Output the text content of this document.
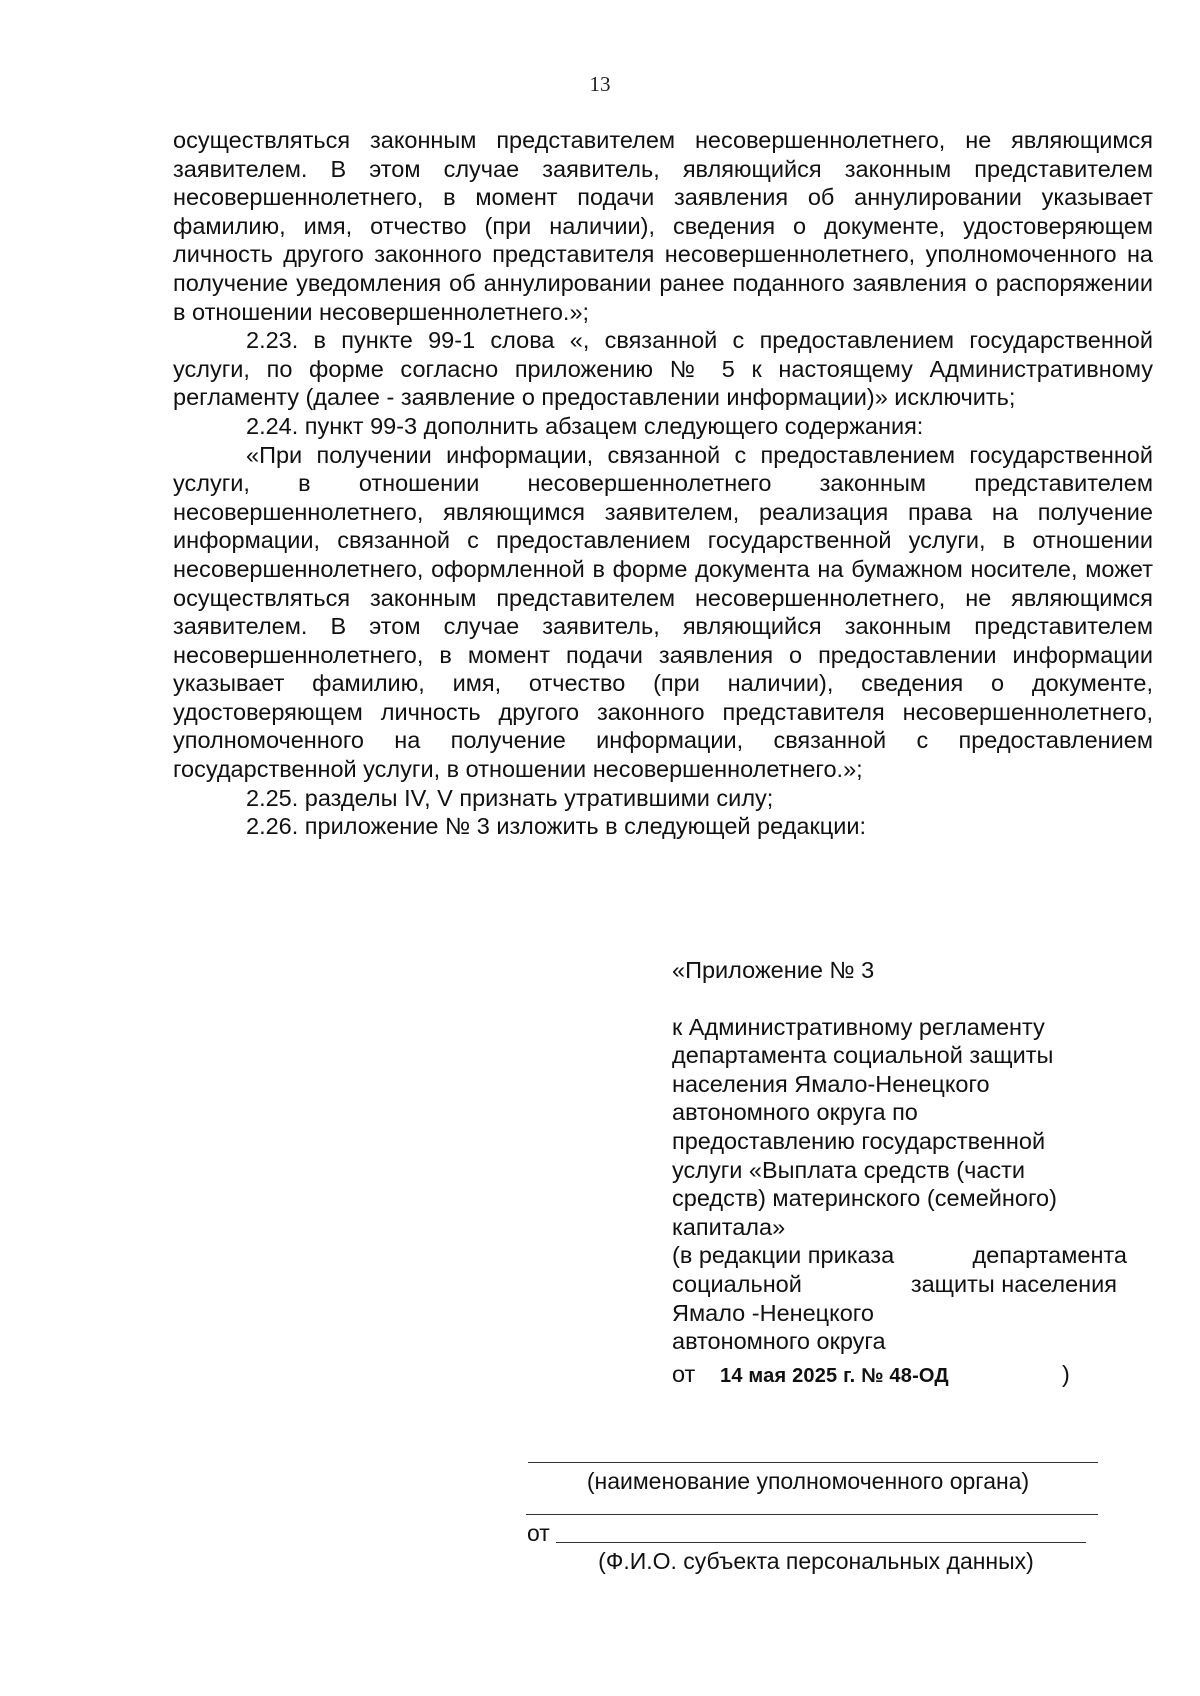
13

осуществляться законным представителем несовершеннолетнего, не являющимся заявителем. В этом случае заявитель, являющийся законным представителем несовершеннолетнего, в момент подачи заявления об аннулировании указывает фамилию, имя, отчество (при наличии), сведения о документе, удостоверяющем личность другого законного представителя несовершеннолетнего, уполномоченного на получение уведомления об аннулировании ранее поданного заявления о распоряжении в отношении несовершеннолетнего.»;

2.23. в пункте 99-1 слова «, связанной с предоставлением государственной услуги, по форме согласно приложению № 5 к настоящему Административному регламенту (далее - заявление о предоставлении информации)» исключить;

2.24. пункт 99-3 дополнить абзацем следующего содержания:

«При получении информации, связанной с предоставлением государственной услуги, в отношении несовершеннолетнего законным представителем несовершеннолетнего, являющимся заявителем, реализация права на получение информации, связанной с предоставлением государственной услуги, в отношении несовершеннолетнего, оформленной в форме документа на бумажном носителе, может осуществляться законным представителем несовершеннолетнего, не являющимся заявителем. В этом случае заявитель, являющийся законным представителем несовершеннолетнего, в момент подачи заявления о предоставлении информации указывает фамилию, имя, отчество (при наличии), сведения о документе, удостоверяющем личность другого законного представителя несовершеннолетнего, уполномоченного на получение информации, связанной с предоставлением государственной услуги, в отношении несовершеннолетнего.»;

2.25. разделы IV, V признать утратившими силу;

2.26. приложение № 3 изложить в следующей редакции:

«Приложение № 3

к Административному регламенту

департамента социальной защиты

населения Ямало-Ненецкого

автономного округа по

предоставлению государственной

услуги «Выплата средств (части

средств) материнского (семейного)

капитала»

(в редакции приказа	департамента

социальной	защиты населения

Ямало -Ненецкого

автономного округа

от	14 мая 2025 г. № 48-ОД	)
(наименование уполномоченного органа)
от
(Ф.И.О. субъекта персональных данных)
